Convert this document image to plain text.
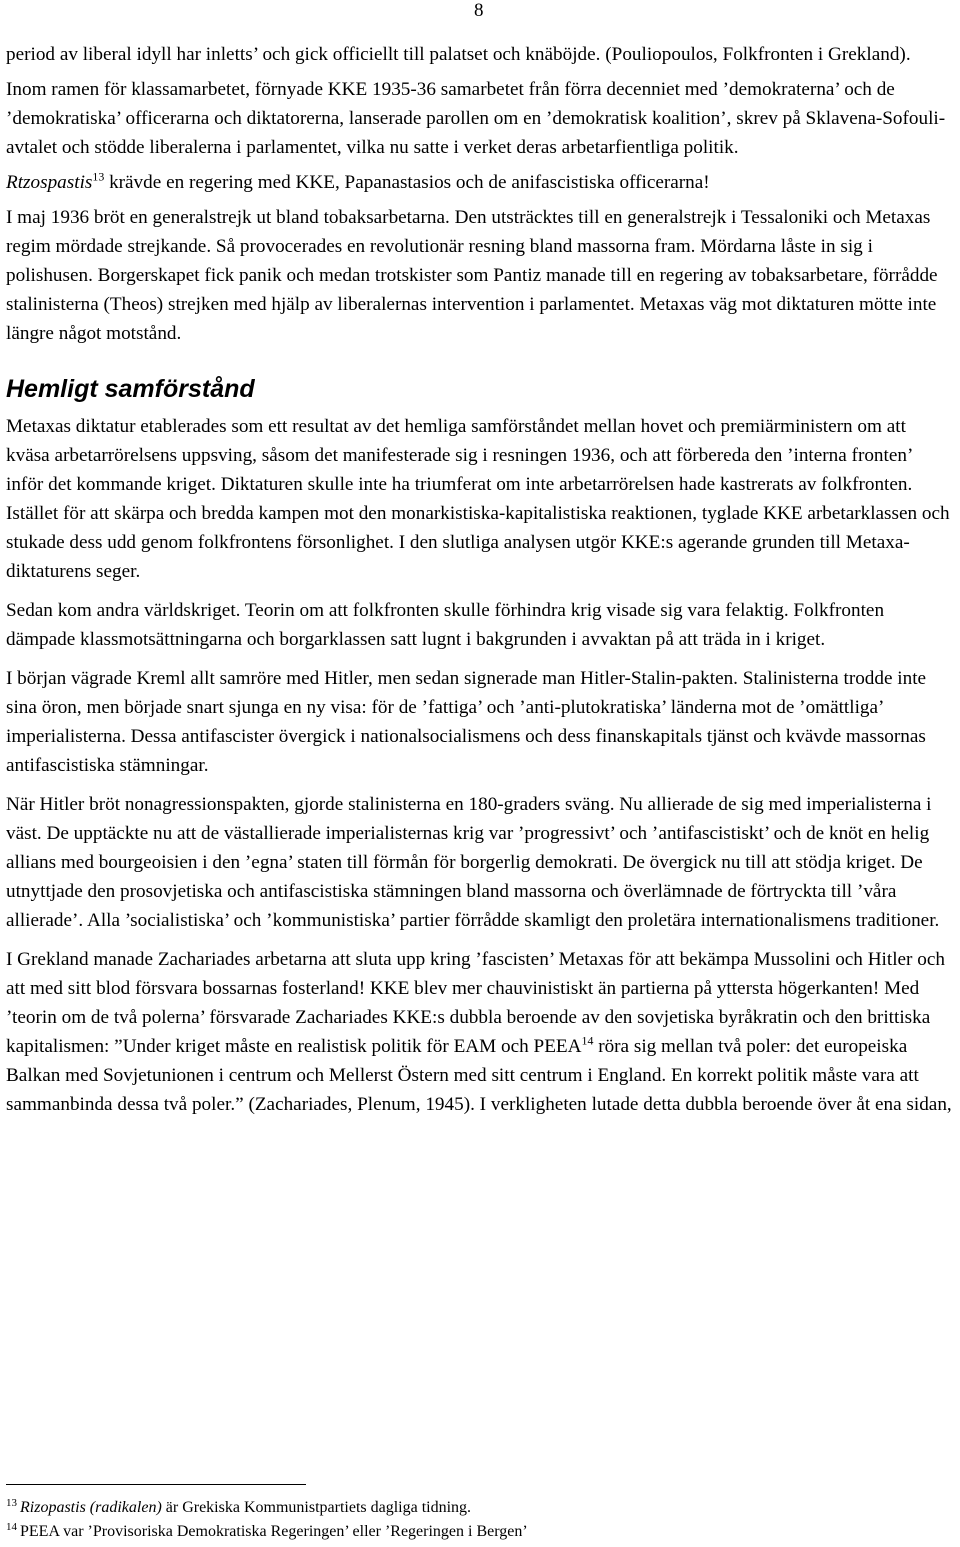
8

period av liberal idyll har inletts’ och gick officiellt till palatset och knäböjde. (Pouliopoulos, Folkfronten i Grekland).

Inom ramen för klassamarbetet, förnyade KKE 1935-36 samarbetet från förra decenniet med ’demokraterna’ och de ’demokratiska’ officerarna och diktatorerna, lanserade parollen om en ’demokratisk koalition’, skrev på Sklavena-Sofouli-avtalet och stödde liberalerna i parlamentet, vilka nu satte i verket deras arbetarfientliga politik.

Rtzospastis$^{13}$ krävde en regering med KKE, Papanastasios och de anifascistiska officerarna!

I maj 1936 bröt en generalstrejk ut bland tobaksarbetarna. Den utsträcktes till en generalstrejk i Tessaloniki och Metaxas regim mördade strejkande. Så provocerades en revolutionär resning bland massorna fram. Mördarna låste in sig i polishusen. Borgerskapet fick panik och medan trotskister som Pantiz manade till en regering av tobaksarbetare, förrådde stalinisterna (Theos) strejken med hjälp av liberalernas intervention i parlamentet. Metaxas väg mot diktaturen mötte inte längre något motstånd.

Hemligt samförstånd

Metaxas diktatur etablerades som ett resultat av det hemliga samförståndet mellan hovet och premiärministern om att kväsa arbetarrörelsens uppsving, såsom det manifesterade sig i resningen 1936, och att förbereda den ’interna fronten’ inför det kommande kriget. Diktaturen skulle inte ha triumferat om inte arbetarrörelsen hade kastrerats av folkfronten. Istället för att skärpa och bredda kampen mot den monarkistiska-kapitalistiska reaktionen, tyglade KKE arbetarklassen och stukade dess udd genom folkfrontens försonlighet. I den slutliga analysen utgör KKE:s agerande grunden till Metaxa-diktaturens seger.

Sedan kom andra världskriget. Teorin om att folkfronten skulle förhindra krig visade sig vara felaktig. Folkfronten dämpade klassmotsättningarna och borgarklassen satt lugnt i bakgrunden i avvaktan på att träda in i kriget.

I början vägrade Kreml allt samröre med Hitler, men sedan signerade man Hitler-Stalin-pakten. Stalinisterna trodde inte sina öron, men började snart sjunga en ny visa: för de ’fattiga’ och ’anti-plutokratiska’ länderna mot de ’omättliga’ imperialisterna. Dessa antifascister övergick i nationalsocialismens och dess finanskapitals tjänst och kvävde massornas antifascistiska stämningar.

När Hitler bröt nonagressionspakten, gjorde stalinisterna en 180-graders sväng. Nu allierade de sig med imperialisterna i väst. De upptäckte nu att de västallierade imperialisternas krig var ’progressivt’ och ’antifascistiskt’ och de knöt en helig allians med bourgeoisien i den ’egna’ staten till förmån för borgerlig demokrati. De övergick nu till att stödja kriget. De utnyttjade den prosovjetiska och antifascistiska stämningen bland massorna och överlämnade de förtryckta till ’våra allierade’. Alla ’socialistiska’ och ’kommunistiska’ partier förrådde skamligt den proletära internationalismens traditioner.

I Grekland manade Zachariades arbetarna att sluta upp kring ’fascisten’ Metaxas för att bekämpa Mussolini och Hitler och att med sitt blod försvara bossarnas fosterland! KKE blev mer chauvinistiskt än partierna på yttersta högerkanten! Med ’teorin om de två polerna’ försvarade Zachariades KKE:s dubbla beroende av den sovjetiska byråkratin och den brittiska kapitalismen: ”Under kriget måste en realistisk politik för EAM och PEEA$^{14}$ röra sig mellan två poler: det europeiska Balkan med Sovjetunionen i centrum och Mellerst Östern med sitt centrum i England. En korrekt politik måste vara att sammanbinda dessa två poler.” (Zachariades, Plenum, 1945). I verkligheten lutade detta dubbla beroende över åt ena sidan,

$^{13}$ Rizopastis (radikalen) är Grekiska Kommunistpartiets dagliga tidning.
$^{14}$ PEEA var ’Provisoriska Demokratiska Regeringen’ eller ’Regeringen i Bergen’
